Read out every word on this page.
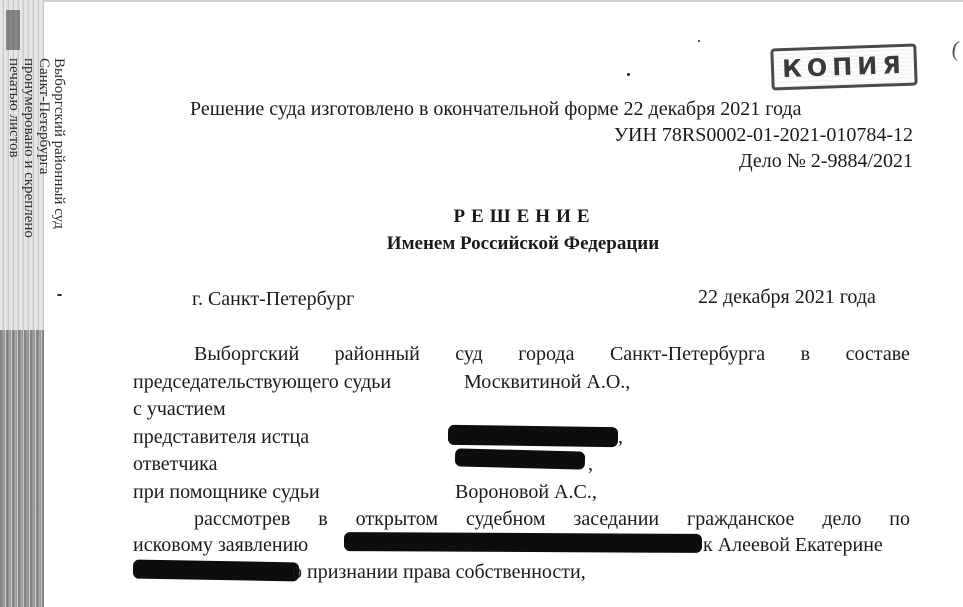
Выборгский районный суд
Санкт-Петербурга
пронумеровано и скреплено
печатью листов	КОПИЯ
(
Решение суда изготовлено в окончательной форме 22 декабря 2021 года
УИН 78RS0002-01-2021-010784-12
Дело № 2-9884/2021
РЕШЕНИЕ
Именем Российской Федерации
г. Санкт-Петербург	22 декабря 2021 года
Выборгский районный суд города Санкт-Петербурга в составе
председательствующего судьи	Москвитиной А.О.,
с участием
представителя истца	,
ответчика	,
при помощнике судьи	Вороновой А.С.,
рассмотрев в открытом судебном заседании гражданское дело по
исковому заявлению	к Алеевой Екатерине
о признании права собственности,
